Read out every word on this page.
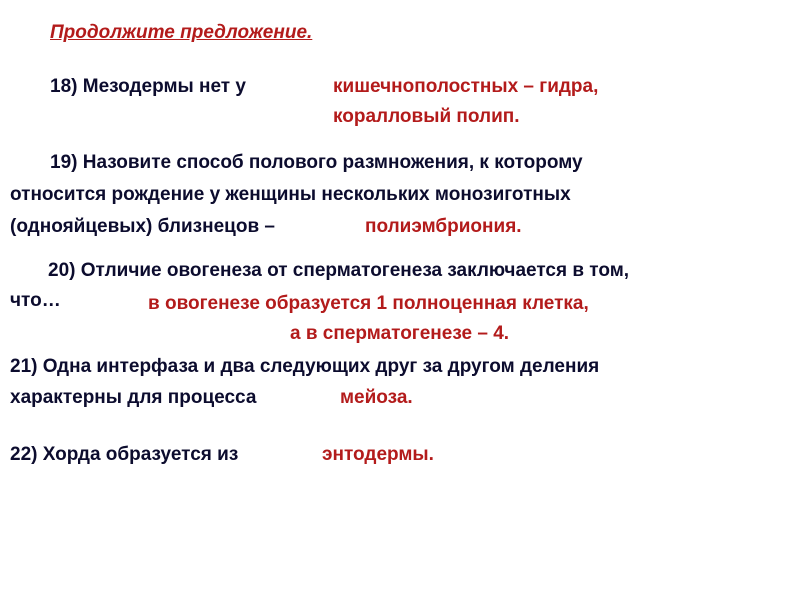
Продолжите предложение.
18) Мезодермы нет у	кишечнополостных – гидра,
коралловый полип.
19) Назовите способ полового размножения, к которому
относится рождение у женщины нескольких монозиготных
(однояйцевых) близнецов –	полиэмбриония.
20) Отличие овогенеза от сперматогенеза заключается в том,
что…	в овогенезе образуется 1 полноценная клетка,
а в сперматогенезе – 4.
21) Одна интерфаза и два следующих друг за другом деления
характерны для процесса	мейоза.
22) Хорда образуется из	энтодермы.
